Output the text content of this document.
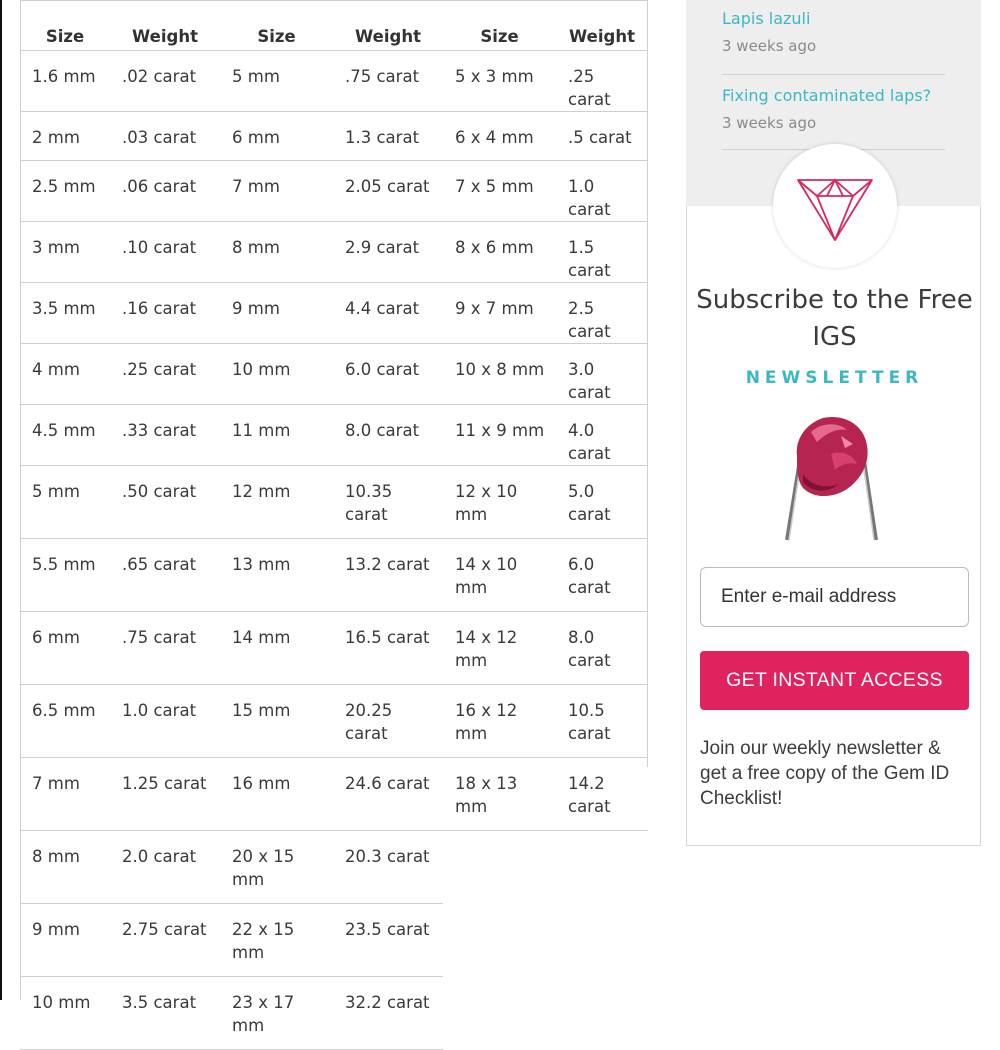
Size	Weight	Size	Weight	Size	Weight
1.6 mm	.02 carat	5 mm	.75 carat	5 x 3 mm	.25 carat
2 mm	.03 carat	6 mm	1.3 carat	6 x 4 mm	.5 carat
2.5 mm	.06 carat	7 mm	2.05 carat	7 x 5 mm	1.0 carat
3 mm	.10 carat	8 mm	2.9 carat	8 x 6 mm	1.5 carat
3.5 mm	.16 carat	9 mm	4.4 carat	9 x 7 mm	2.5 carat
4 mm	.25 carat	10 mm	6.0 carat	10 x 8 mm	3.0 carat
4.5 mm	.33 carat	11 mm	8.0 carat	11 x 9 mm	4.0 carat
5 mm	.50 carat	12 mm	10.35 carat	12 x 10 mm	5.0 carat
5.5 mm	.65 carat	13 mm	13.2 carat	14 x 10 mm	6.0 carat
6 mm	.75 carat	14 mm	16.5 carat	14 x 12 mm	8.0 carat
6.5 mm	1.0 carat	15 mm	20.25 carat	16 x 12 mm	10.5 carat
7 mm	1.25 carat	16 mm	24.6 carat	18 x 13 mm	14.2 carat
8 mm	2.0 carat	20 x 15 mm	20.3 carat		
9 mm	2.75 carat	22 x 15 mm	23.5 carat		
10 mm	3.5 carat	23 x 17 mm	32.2 carat		
Lapis lazuli
3 weeks ago
Fixing contaminated laps?
3 weeks ago
Subscribe to the Free IGS
NEWSLETTER
Enter e-mail address
GET INSTANT ACCESS
Join our weekly newsletter & get a free copy of the Gem ID Checklist!
